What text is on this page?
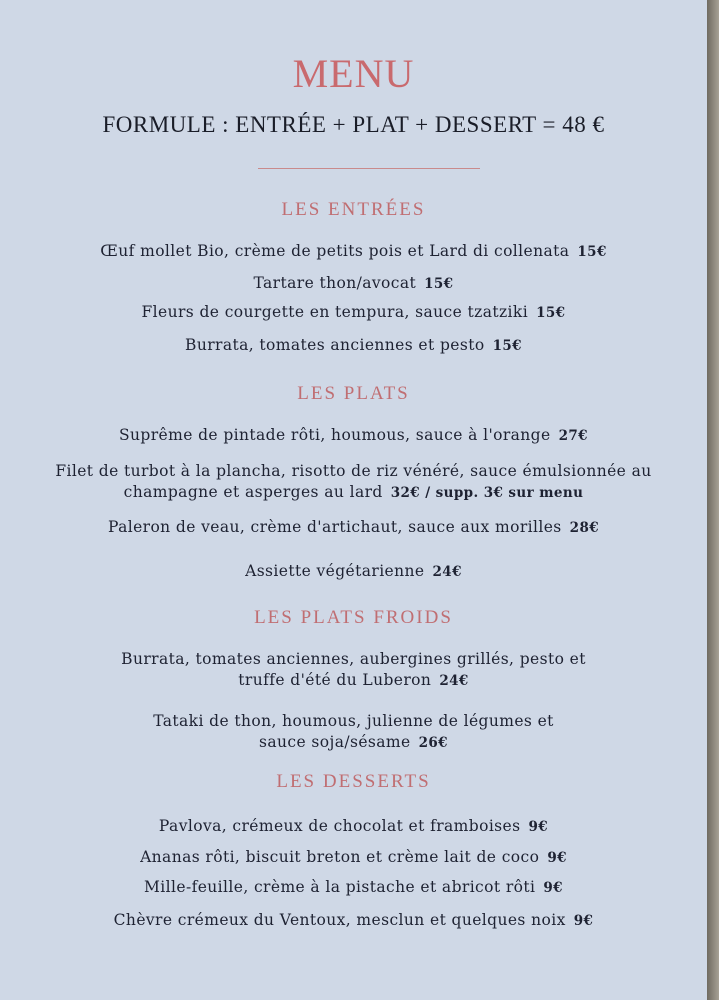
MENU
FORMULE : ENTRÉE + PLAT + DESSERT = 48 €
LES ENTRÉES
Œuf mollet Bio, crème de petits pois et Lard di collenata 15€
Tartare thon/avocat 15€
Fleurs de courgette en tempura, sauce tzatziki 15€
Burrata, tomates anciennes et pesto 15€
LES PLATS
Suprême de pintade rôti, houmous, sauce à l'orange 27€
Filet de turbot à la plancha, risotto de riz vénéré, sauce émulsionnée au
champagne et asperges au lard 32€ / supp. 3€ sur menu
Paleron de veau, crème d'artichaut, sauce aux morilles 28€
Assiette végétarienne 24€
LES PLATS FROIDS
Burrata, tomates anciennes, aubergines grillés, pesto et
truffe d'été du Luberon 24€
Tataki de thon, houmous, julienne de légumes et
sauce soja/sésame 26€
LES DESSERTS
Pavlova, crémeux de chocolat et framboises 9€
Ananas rôti, biscuit breton et crème lait de coco 9€
Mille-feuille, crème à la pistache et abricot rôti 9€
Chèvre crémeux du Ventoux, mesclun et quelques noix 9€
